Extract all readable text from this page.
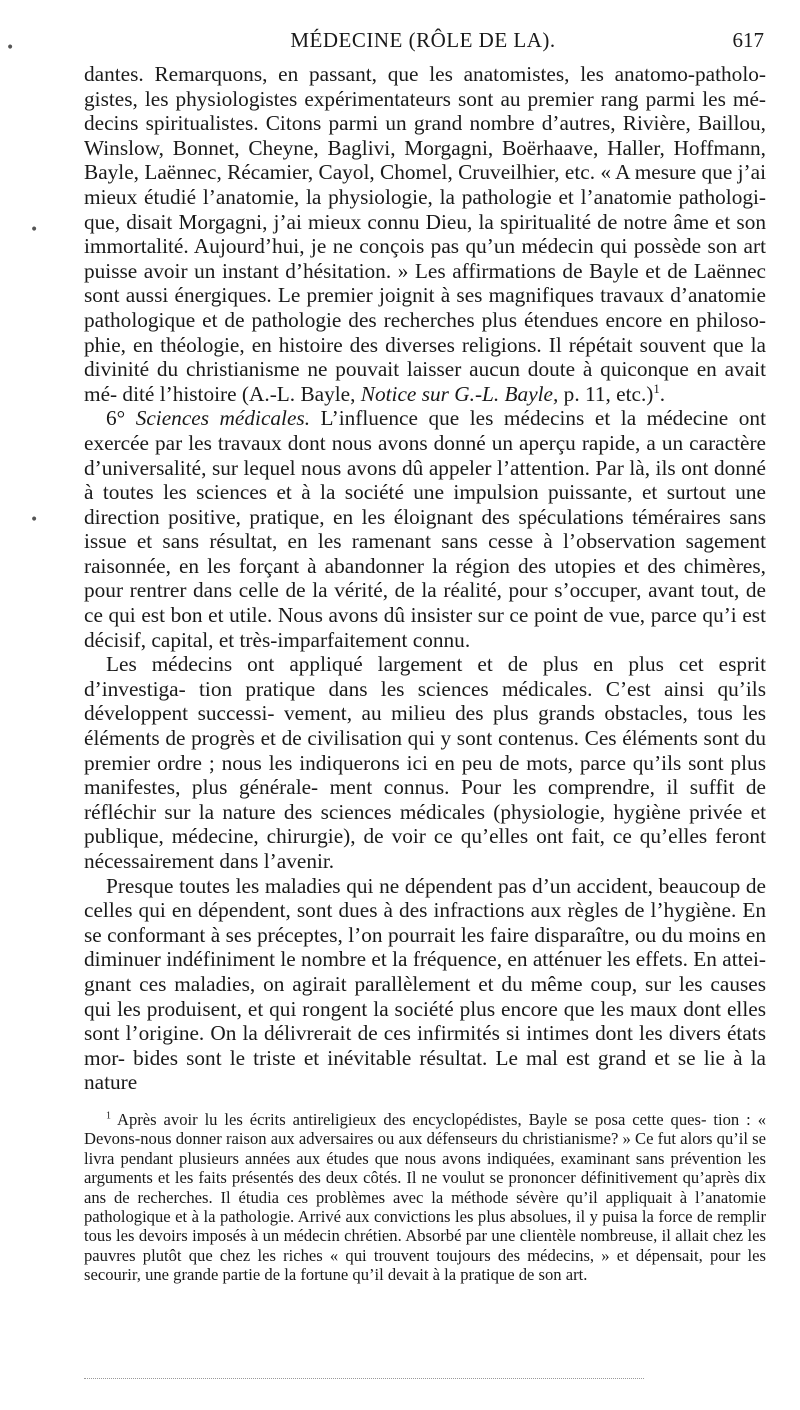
MÉDECINE (RÔLE DE LA).	617
•
•
•

dantes. Remarquons, en passant, que les anatomistes, les anatomo-patholo- gistes, les physiologistes expérimentateurs sont au premier rang parmi les mé- decins spiritualistes. Citons parmi un grand nombre d’autres, Rivière, Baillou, Winslow, Bonnet, Cheyne, Baglivi, Morgagni, Boërhaave, Haller, Hoffmann, Bayle, Laënnec, Récamier, Cayol, Chomel, Cruveilhier, etc. « A mesure que j’ai mieux étudié l’anatomie, la physiologie, la pathologie et l’anatomie pathologi- que, disait Morgagni, j’ai mieux connu Dieu, la spiritualité de notre âme et son immortalité. Aujourd’hui, je ne conçois pas qu’un médecin qui possède son art puisse avoir un instant d’hésitation. » Les affirmations de Bayle et de Laënnec sont aussi énergiques. Le premier joignit à ses magnifiques travaux d’anatomie pathologique et de pathologie des recherches plus étendues encore en philoso- phie, en théologie, en histoire des diverses religions. Il répétait souvent que la divinité du christianisme ne pouvait laisser aucun doute à quiconque en avait mé- dité l’histoire (A.-L. Bayle, Notice sur G.-L. Bayle, p. 11, etc.)$^1$.

6° Sciences médicales. L’influence que les médecins et la médecine ont exercée par les travaux dont nous avons donné un aperçu rapide, a un caractère d’universalité, sur lequel nous avons dû appeler l’attention. Par là, ils ont donné à toutes les sciences et à la société une impulsion puissante, et surtout une direction positive, pratique, en les éloignant des spéculations téméraires sans issue et sans résultat, en les ramenant sans cesse à l’observation sagement raisonnée, en les forçant à abandonner la région des utopies et des chimères, pour rentrer dans celle de la vérité, de la réalité, pour s’occuper, avant tout, de ce qui est bon et utile. Nous avons dû insister sur ce point de vue, parce qu’i est décisif, capital, et très-imparfaitement connu.

Les médecins ont appliqué largement et de plus en plus cet esprit d’investiga- tion pratique dans les sciences médicales. C’est ainsi qu’ils développent successi- vement, au milieu des plus grands obstacles, tous les éléments de progrès et de civilisation qui y sont contenus. Ces éléments sont du premier ordre ; nous les indiquerons ici en peu de mots, parce qu’ils sont plus manifestes, plus générale- ment connus. Pour les comprendre, il suffit de réfléchir sur la nature des sciences médicales (physiologie, hygiène privée et publique, médecine, chirurgie), de voir ce qu’elles ont fait, ce qu’elles feront nécessairement dans l’avenir.

Presque toutes les maladies qui ne dépendent pas d’un accident, beaucoup de celles qui en dépendent, sont dues à des infractions aux règles de l’hygiène. En se conformant à ses préceptes, l’on pourrait les faire disparaître, ou du moins en diminuer indéfiniment le nombre et la fréquence, en atténuer les effets. En attei- gnant ces maladies, on agirait parallèlement et du même coup, sur les causes qui les produisent, et qui rongent la société plus encore que les maux dont elles sont l’origine. On la délivrerait de ces infirmités si intimes dont les divers états mor- bides sont le triste et inévitable résultat. Le mal est grand et se lie à la nature

$^1$ Après avoir lu les écrits antireligieux des encyclopédistes, Bayle se posa cette ques- tion : « Devons-nous donner raison aux adversaires ou aux défenseurs du christianisme? » Ce fut alors qu’il se livra pendant plusieurs années aux études que nous avons indiquées, examinant sans prévention les arguments et les faits présentés des deux côtés. Il ne voulut se prononcer définitivement qu’après dix ans de recherches. Il étudia ces problèmes avec la méthode sévère qu’il appliquait à l’anatomie pathologique et à la pathologie. Arrivé aux convictions les plus absolues, il y puisa la force de remplir tous les devoirs imposés à un médecin chrétien. Absorbé par une clientèle nombreuse, il allait chez les pauvres plutôt que chez les riches « qui trouvent toujours des médecins, » et dépensait, pour les secourir, une grande partie de la fortune qu’il devait à la pratique de son art.
